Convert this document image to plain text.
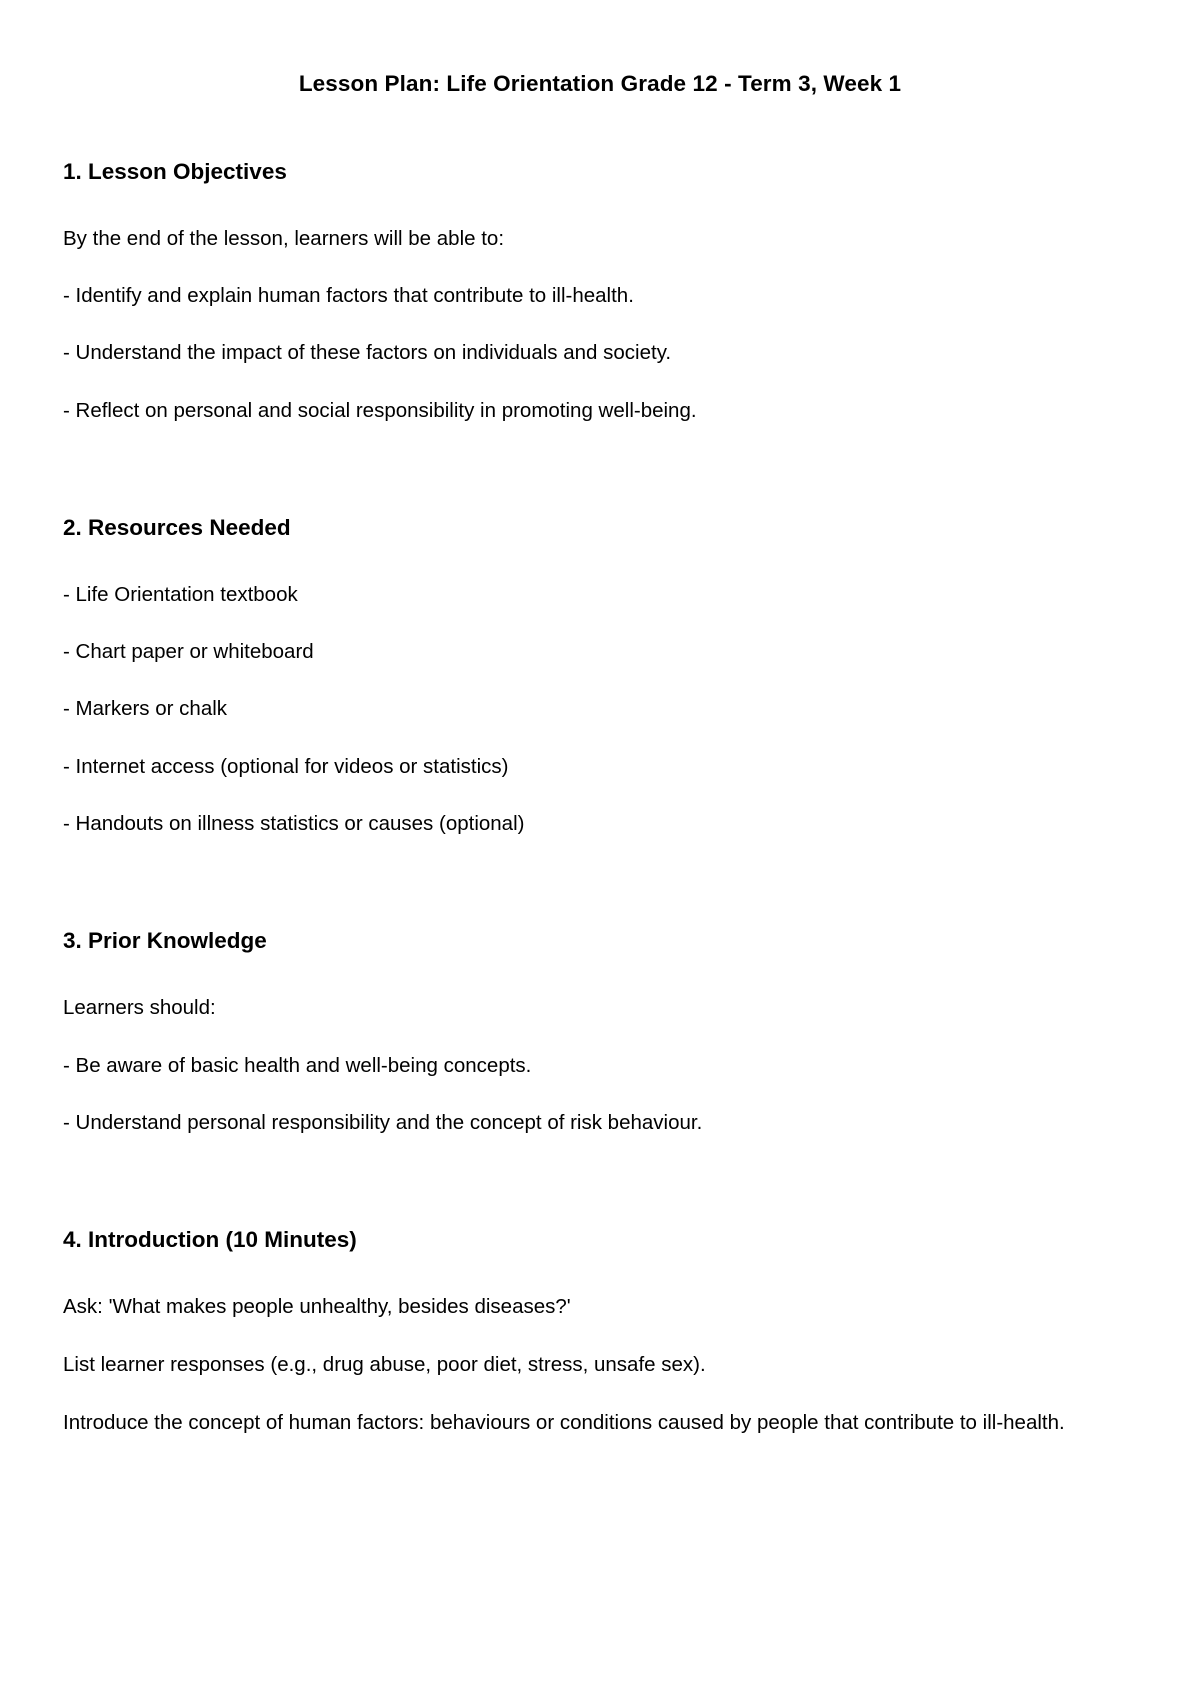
Lesson Plan: Life Orientation Grade 12 - Term 3, Week 1
1. Lesson Objectives
By the end of the lesson, learners will be able to:
- Identify and explain human factors that contribute to ill-health.
- Understand the impact of these factors on individuals and society.
- Reflect on personal and social responsibility in promoting well-being.
2. Resources Needed
- Life Orientation textbook
- Chart paper or whiteboard
- Markers or chalk
- Internet access (optional for videos or statistics)
- Handouts on illness statistics or causes (optional)
3. Prior Knowledge
Learners should:
- Be aware of basic health and well-being concepts.
- Understand personal responsibility and the concept of risk behaviour.
4. Introduction (10 Minutes)
Ask: 'What makes people unhealthy, besides diseases?'
List learner responses (e.g., drug abuse, poor diet, stress, unsafe sex).
Introduce the concept of human factors: behaviours or conditions caused by people that contribute to ill-health.
